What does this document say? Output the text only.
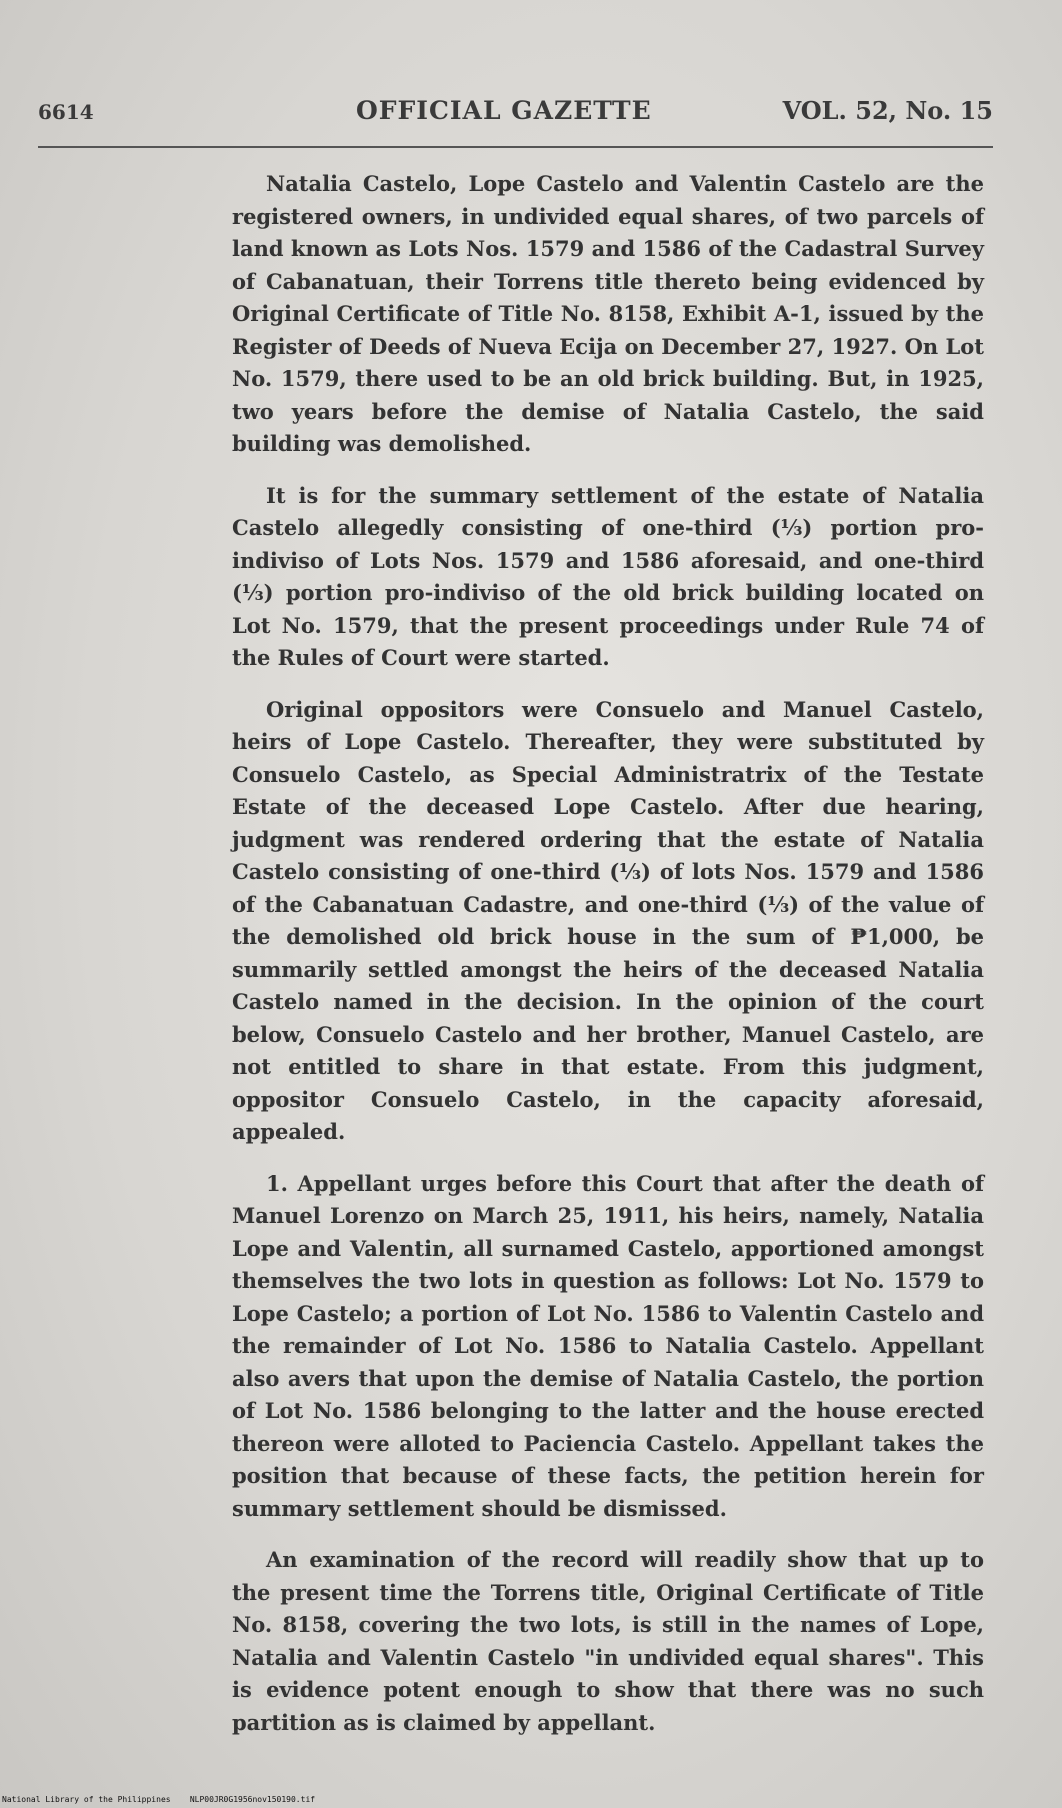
6614	OFFICIAL GAZETTE	VOL. 52, No. 15

Natalia Castelo, Lope Castelo and Valentin Castelo are the registered owners, in undivided equal shares, of two parcels of land known as Lots Nos. 1579 and 1586 of the Cadastral Survey of Cabanatuan, their Torrens title thereto being evidenced by Original Certificate of Title No. 8158, Exhibit A-1, issued by the Register of Deeds of Nueva Ecija on December 27, 1927. On Lot No. 1579, there used to be an old brick building. But, in 1925, two years before the demise of Natalia Castelo, the said building was demolished.

It is for the summary settlement of the estate of Natalia Castelo allegedly consisting of one-third (⅓) portion pro-indiviso of Lots Nos. 1579 and 1586 aforesaid, and one-third (⅓) portion pro-indiviso of the old brick building located on Lot No. 1579, that the present proceedings under Rule 74 of the Rules of Court were started.

Original oppositors were Consuelo and Manuel Castelo, heirs of Lope Castelo. Thereafter, they were substituted by Consuelo Castelo, as Special Administratrix of the Testate Estate of the deceased Lope Castelo. After due hearing, judgment was rendered ordering that the estate of Natalia Castelo consisting of one-third (⅓) of lots Nos. 1579 and 1586 of the Cabanatuan Cadastre, and one-third (⅓) of the value of the demolished old brick house in the sum of ₱1,000, be summarily settled amongst the heirs of the deceased Natalia Castelo named in the decision. In the opinion of the court below, Consuelo Castelo and her brother, Manuel Castelo, are not entitled to share in that estate. From this judgment, oppositor Consuelo Castelo, in the capacity aforesaid, appealed.

1. Appellant urges before this Court that after the death of Manuel Lorenzo on March 25, 1911, his heirs, namely, Natalia Lope and Valentin, all surnamed Castelo, apportioned amongst themselves the two lots in question as follows: Lot No. 1579 to Lope Castelo; a portion of Lot No. 1586 to Valentin Castelo and the remainder of Lot No. 1586 to Natalia Castelo. Appellant also avers that upon the demise of Natalia Castelo, the portion of Lot No. 1586 belonging to the latter and the house erected thereon were alloted to Paciencia Castelo. Appellant takes the position that because of these facts, the petition herein for summary settlement should be dismissed.

An examination of the record will readily show that up to the present time the Torrens title, Original Certificate of Title No. 8158, covering the two lots, is still in the names of Lope, Natalia and Valentin Castelo "in undivided equal shares". This is evidence potent enough to show that there was no such partition as is claimed by appellant.

National Library of the Philippines NLP00JR0G1956nov150190.tif
